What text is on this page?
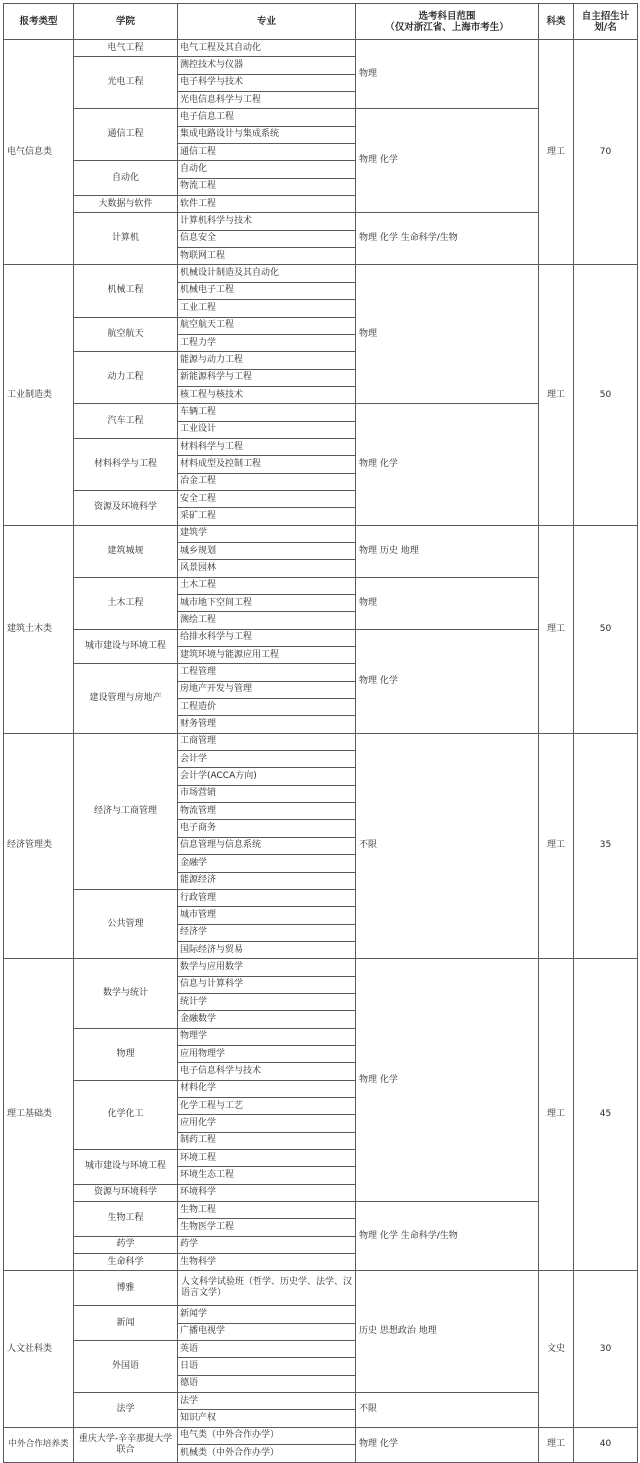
报考类型	学院	专业	选考科目范围
（仅对浙江省、上海市考生）	科类	自主招生计
划/名
电气信息类	电气工程	电气工程及其自动化	物理	理工	70
	光电工程	测控技术与仪器			
		电子科学与技术			
		光电信息科学与工程			
	通信工程	电子信息工程	物理 化学		
		集成电路设计与集成系统			
		通信工程			
	自动化	自动化			
		物流工程			
	大数据与软件	软件工程			
	计算机	计算机科学与技术	物理 化学 生命科学/生物		
		信息安全			
		物联网工程			
工业制造类	机械工程	机械设计制造及其自动化	物理	理工	50
		机械电子工程			
		工业工程			
	航空航天	航空航天工程			
		工程力学			
	动力工程	能源与动力工程			
		新能源科学与工程			
		核工程与核技术			
	汽车工程	车辆工程	物理 化学		
		工业设计			
	材料科学与工程	材料科学与工程			
		材料成型及控制工程			
		冶金工程			
	资源及环境科学	安全工程			
		采矿工程			
建筑土木类	建筑城规	建筑学	物理 历史 地理	理工	50
		城乡规划			
		风景园林			
	土木工程	土木工程	物理		
		城市地下空间工程			
		测绘工程			
	城市建设与环境工程	给排水科学与工程	物理 化学		
		建筑环境与能源应用工程			
	建设管理与房地产	工程管理			
		房地产开发与管理			
		工程造价			
		财务管理			
经济管理类	经济与工商管理	工商管理	不限	理工	35
		会计学			
		会计学(ACCA方向)			
		市场营销			
		物流管理			
		电子商务			
		信息管理与信息系统			
		金融学			
		能源经济			
	公共管理	行政管理			
		城市管理			
		经济学			
		国际经济与贸易			
理工基础类	数学与统计	数学与应用数学	物理 化学	理工	45
		信息与计算科学			
		统计学			
		金融数学			
	物理	物理学			
		应用物理学			
		电子信息科学与技术			
	化学化工	材料化学			
		化学工程与工艺			
		应用化学			
		制药工程			
	城市建设与环境工程	环境工程			
		环境生态工程			
	资源与环境科学	环境科学			
	生物工程	生物工程	物理 化学 生命科学/生物		
		生物医学工程			
	药学	药学			
	生命科学	生物科学			
人文社科类	博雅	人文科学试验班（哲学、历史学、法学、汉语言文学）	历史 思想政治 地理	文史	30
	新闻	新闻学			
		广播电视学			
	外国语	英语			
		日语			
		德语			
	法学	法学	不限		
		知识产权			
中外合作培养类	重庆大学-辛辛那提大学联合	电气类（中外合作办学）	物理 化学	理工	40
		机械类（中外合作办学）			
